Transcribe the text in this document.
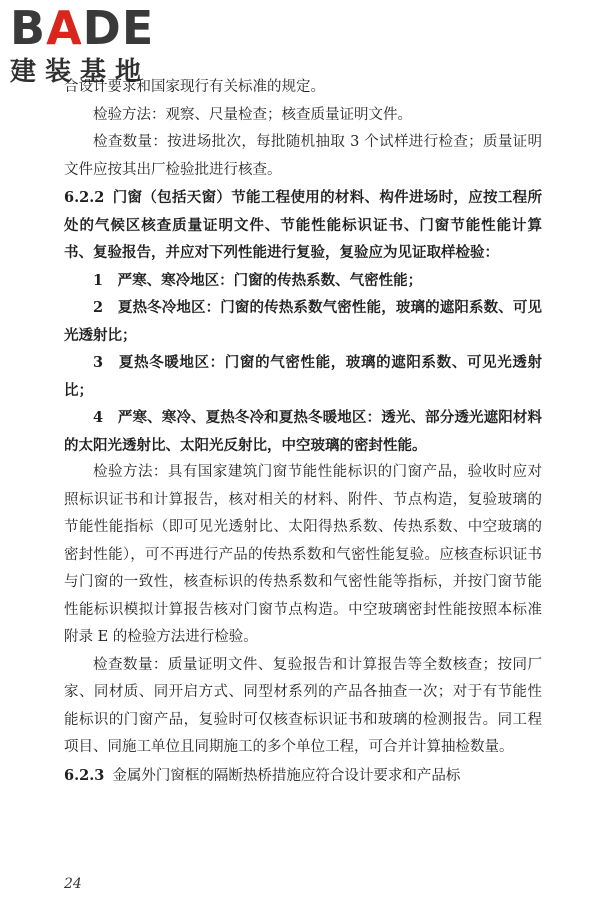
B A DE
建装基地

合设计要求和国家现行有关标准的规定。

检验方法：观察、尺量检查；核查质量证明文件。

检查数量：按进场批次，每批随机抽取 3 个试样进行检查；质量证明文件应按其出厂检验批进行核查。

6.2.2 门窗（包括天窗）节能工程使用的材料、构件进场时，应按工程所处的气候区核查质量证明文件、节能性能标识证书、门窗节能性能计算书、复验报告，并应对下列性能进行复验，复验应为见证取样检验：

1　严寒、寒冷地区：门窗的传热系数、气密性能；

2　夏热冬冷地区：门窗的传热系数气密性能，玻璃的遮阳系数、可见光透射比；

3　夏热冬暖地区：门窗的气密性能，玻璃的遮阳系数、可见光透射比；

4　严寒、寒冷、夏热冬冷和夏热冬暖地区：透光、部分透光遮阳材料的太阳光透射比、太阳光反射比，中空玻璃的密封性能。

检验方法：具有国家建筑门窗节能性能标识的门窗产品，验收时应对照标识证书和计算报告，核对相关的材料、附件、节点构造，复验玻璃的节能性能指标（即可见光透射比、太阳得热系数、传热系数、中空玻璃的密封性能），可不再进行产品的传热系数和气密性能复验。应核查标识证书与门窗的一致性，核查标识的传热系数和气密性能等指标，并按门窗节能性能标识模拟计算报告核对门窗节点构造。中空玻璃密封性能按照本标准附录 E 的检验方法进行检验。

检查数量：质量证明文件、复验报告和计算报告等全数核查；按同厂家、同材质、同开启方式、同型材系列的产品各抽查一次；对于有节能性能标识的门窗产品，复验时可仅核查标识证书和玻璃的检测报告。同工程项目、同施工单位且同期施工的多个单位工程，可合并计算抽检数量。

6.2.3 金属外门窗框的隔断热桥措施应符合设计要求和产品标

24
